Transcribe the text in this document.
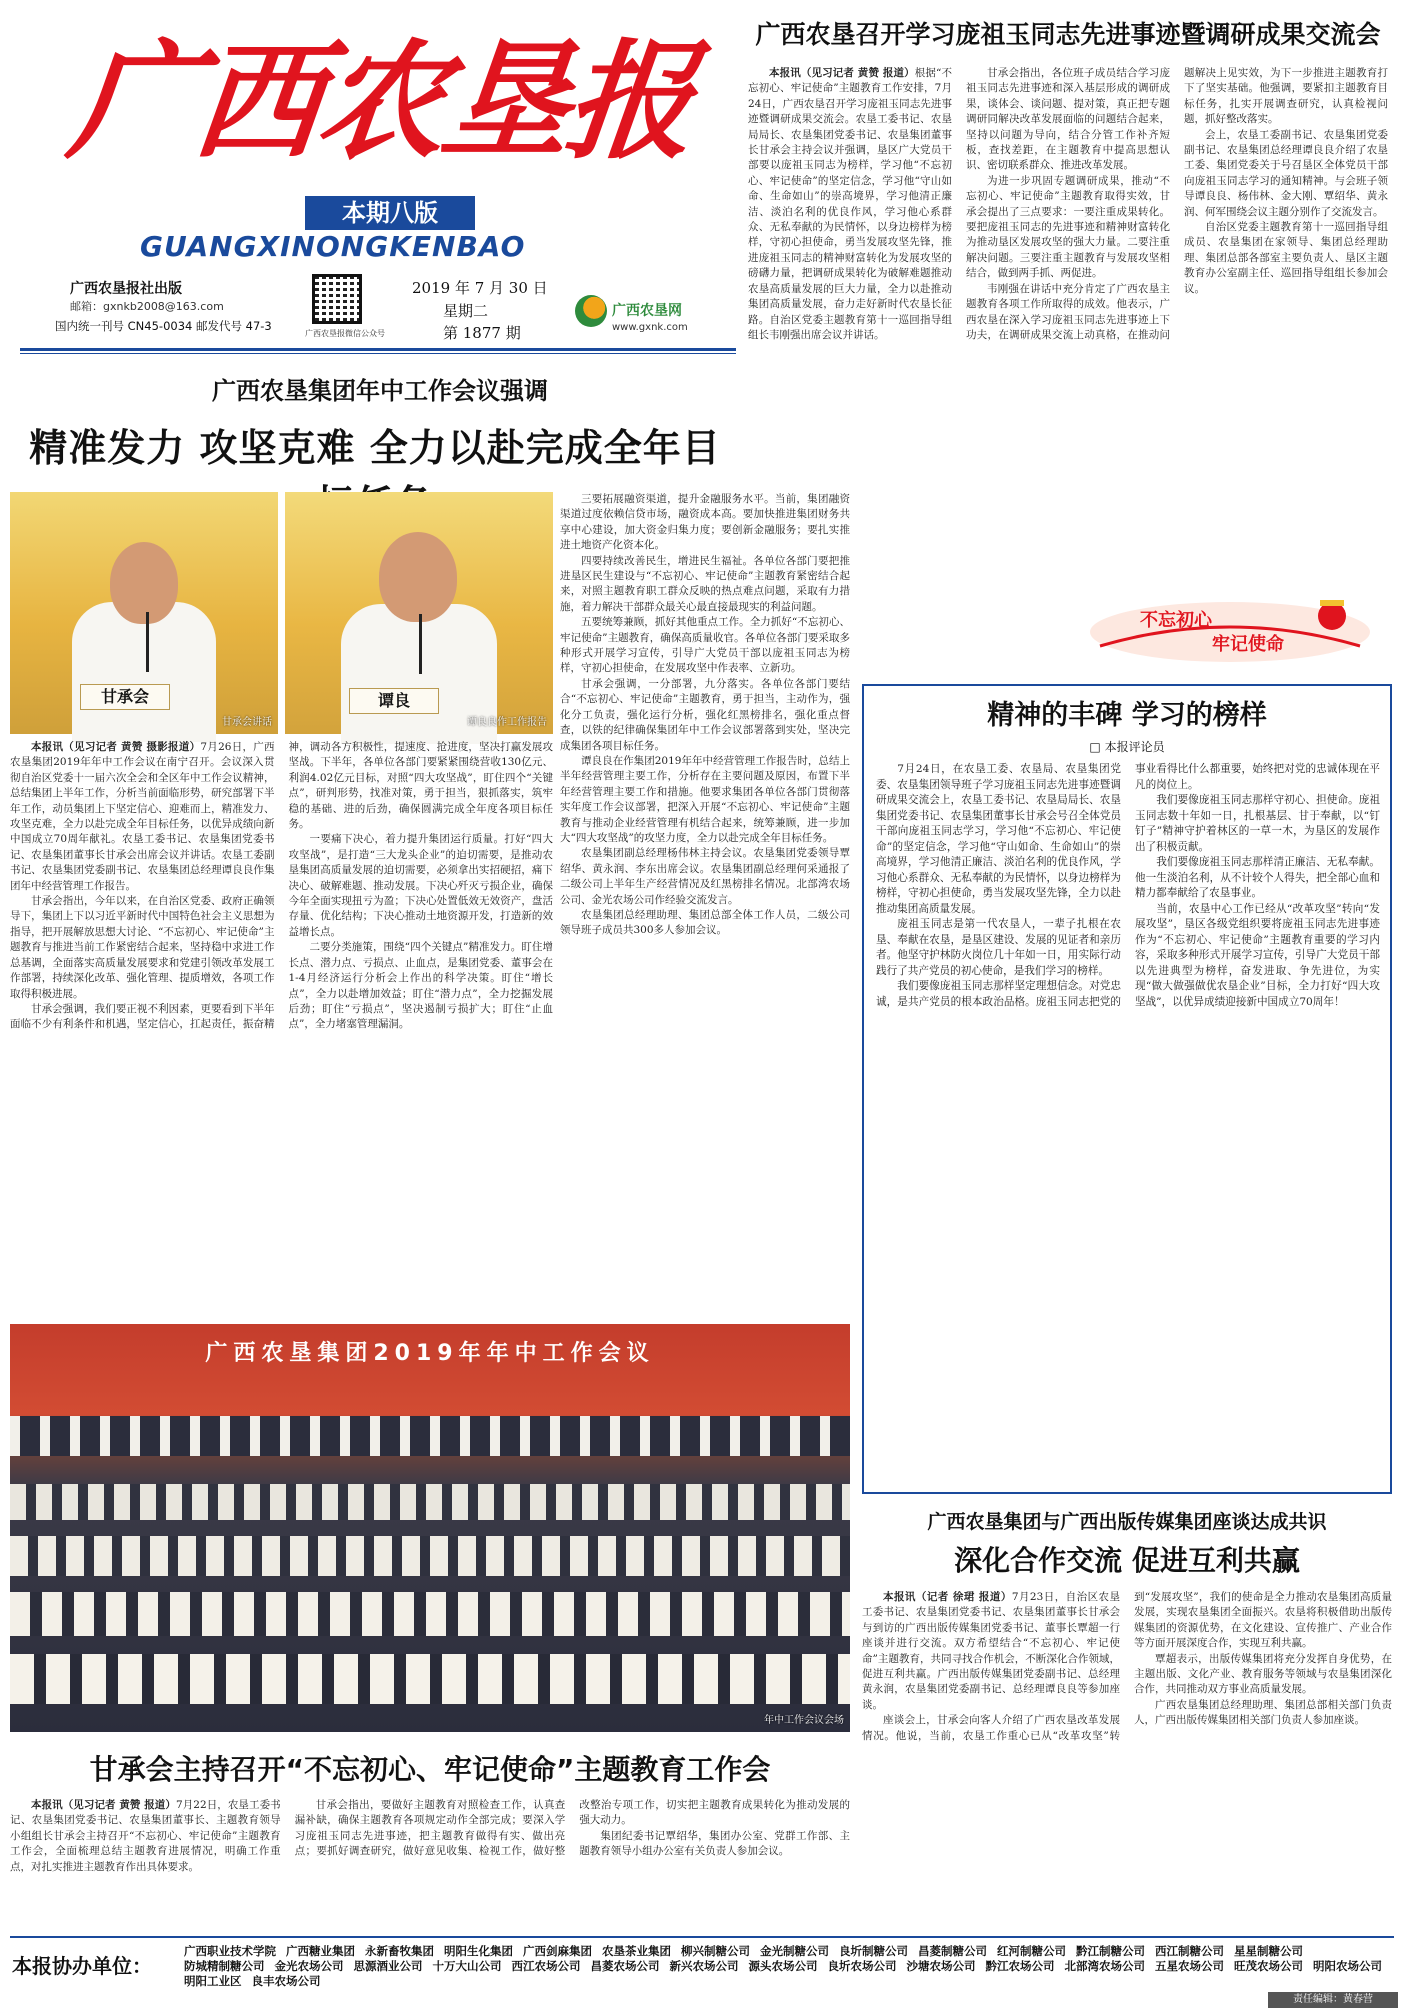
广西农垦报
本期八版
GUANGXINONGKENBAO
广西农垦报社出版
邮箱：gxnkb2008@163.com
国内统一刊号 CN45-0034 邮发代号 47-3
广西农垦报微信公众号
2019 年 7 月 30 日
星期二
第 1877 期
广西农垦网
www.gxnk.com
广西农垦召开学习庞祖玉同志先进事迹暨调研成果交流会

本报讯（见习记者 黄赞 报道）根据“不忘初心、牢记使命”主题教育工作安排，7月24日，广西农垦召开学习庞祖玉同志先进事迹暨调研成果交流会。农垦工委书记、农垦局局长、农垦集团党委书记、农垦集团董事长甘承会主持会议并强调，垦区广大党员干部要以庞祖玉同志为榜样，学习他“不忘初心、牢记使命”的坚定信念，学习他“守山如命、生命如山”的崇高境界，学习他清正廉洁、淡泊名利的优良作风，学习他心系群众、无私奉献的为民情怀，以身边榜样为榜样，守初心担使命，勇当发展攻坚先锋，推进庞祖玉同志的精神财富转化为发展攻坚的磅礴力量，把调研成果转化为破解难题推动农垦高质量发展的巨大力量，全力以赴推动集团高质量发展，奋力走好新时代农垦长征路。自治区党委主题教育第十一巡回指导组组长韦刚强出席会议并讲话。

甘承会指出，各位班子成员结合学习庞祖玉同志先进事迹和深入基层形成的调研成果，谈体会、谈问题、提对策，真正把专题调研同解决改革发展面临的问题结合起来，坚持以问题为导向，结合分管工作补齐短板，查找差距，在主题教育中提高思想认识、密切联系群众、推进改革发展。

为进一步巩固专题调研成果，推动“不忘初心、牢记使命”主题教育取得实效，甘承会提出了三点要求：一要注重成果转化。要把庞祖玉同志的先进事迹和精神财富转化为推动垦区发展攻坚的强大力量。二要注重解决问题。三要注重主题教育与发展攻坚相结合，做到两手抓、两促进。

韦刚强在讲话中充分肯定了广西农垦主题教育各项工作所取得的成效。他表示，广西农垦在深入学习庞祖玉同志先进事迹上下功夫，在调研成果交流上动真格，在推动问题解决上见实效，为下一步推进主题教育打下了坚实基础。他强调，要紧扣主题教育目标任务，扎实开展调查研究，认真检视问题，抓好整改落实。

会上，农垦工委副书记、农垦集团党委副书记、农垦集团总经理谭良良介绍了农垦工委、集团党委关于号召垦区全体党员干部向庞祖玉同志学习的通知精神。与会班子领导谭良良、杨伟林、金大刚、覃绍华、黄永润、何军围绕会议主题分别作了交流发言。

自治区党委主题教育第十一巡回指导组成员、农垦集团在家领导、集团总经理助理、集团总部各部室主要负责人、垦区主题教育办公室副主任、巡回指导组组长参加会议。

不忘初心
牢记使命
广西农垦集团年中工作会议强调
精准发力 攻坚克难 全力以赴完成全年目
甘承会
甘承会讲话
谭良
谭良良作工作报告

本报讯（见习记者 黄赞 摄影报道）7月26日，广西农垦集团2019年年中工作会议在南宁召开。会议深入贯彻自治区党委十一届六次全会和全区年中工作会议精神，总结集团上半年工作，分析当前面临形势，研究部署下半年工作，动员集团上下坚定信心、迎难而上，精准发力、攻坚克难，全力以赴完成全年目标任务，以优异成绩向新中国成立70周年献礼。农垦工委书记、农垦集团党委书记、农垦集团董事长甘承会出席会议并讲话。农垦工委副书记、农垦集团党委副书记、农垦集团总经理谭良良作集团年中经营管理工作报告。

甘承会指出，今年以来，在自治区党委、政府正确领导下，集团上下以习近平新时代中国特色社会主义思想为指导，把开展解放思想大讨论、“不忘初心、牢记使命”主题教育与推进当前工作紧密结合起来，坚持稳中求进工作总基调，全面落实高质量发展要求和党建引领改革发展工作部署，持续深化改革、强化管理、提质增效，各项工作取得积极进展。

甘承会强调，我们要正视不利因素，更要看到下半年面临不少有利条件和机遇，坚定信心，扛起责任，振奋精神，调动各方积极性，提速度、抢进度，坚决打赢发展攻坚战。下半年，各单位各部门要紧紧围绕营收130亿元、利润4.02亿元目标，对照“四大攻坚战”，盯住四个“关键点”，研判形势，找准对策，勇于担当，狠抓落实，筑牢稳的基础、进的后劲，确保圆满完成全年度各项目标任务。

一要痛下决心，着力提升集团运行质量。打好“四大攻坚战”，是打造“三大龙头企业”的迫切需要，是推动农垦集团高质量发展的迫切需要，必须拿出实招硬招，痛下决心、破解难题、推动发展。下决心歼灭亏损企业，确保今年全面实现扭亏为盈；下决心处置低效无效资产，盘活存量、优化结构；下决心推动土地资源开发，打造新的效益增长点。

二要分类施策，围绕“四个关键点”精准发力。盯住增长点、潜力点、亏损点、止血点，是集团党委、董事会在1-4月经济运行分析会上作出的科学决策。盯住“增长点”，全力以赴增加效益；盯住“潜力点”，全力挖掘发展后劲；盯住“亏损点”，坚决遏制亏损扩大；盯住“止血点”，全力堵塞管理漏洞。

三要拓展融资渠道，提升金融服务水平。当前，集团融资渠道过度依赖信贷市场，融资成本高。要加快推进集团财务共享中心建设，加大资金归集力度；要创新金融服务；要扎实推进土地资产化资本化。

四要持续改善民生，增进民生福祉。各单位各部门要把推进垦区民生建设与“不忘初心、牢记使命”主题教育紧密结合起来，对照主题教育职工群众反映的热点难点问题，采取有力措施，着力解决干部群众最关心最直接最现实的利益问题。

五要统筹兼顾，抓好其他重点工作。全力抓好“不忘初心、牢记使命”主题教育，确保高质量收官。各单位各部门要采取多种形式开展学习宣传，引导广大党员干部以庞祖玉同志为榜样，守初心担使命，在发展攻坚中作表率、立新功。

甘承会强调，一分部署，九分落实。各单位各部门要结合“不忘初心、牢记使命”主题教育，勇于担当，主动作为，强化分工负责，强化运行分析，强化红黑榜排名，强化重点督查，以铁的纪律确保集团年中工作会议部署落到实处，坚决完成集团各项目标任务。

谭良良在作集团2019年年中经营管理工作报告时，总结上半年经营管理主要工作，分析存在主要问题及原因，布置下半年经营管理主要工作和措施。他要求集团各单位各部门贯彻落实年度工作会议部署，把深入开展“不忘初心、牢记使命”主题教育与推动企业经营管理有机结合起来，统筹兼顾，进一步加大“四大攻坚战”的攻坚力度，全力以赴完成全年目标任务。

农垦集团副总经理杨伟林主持会议。农垦集团党委领导覃绍华、黄永润、李东出席会议。农垦集团副总经理何采通报了二级公司上半年生产经营情况及红黑榜排名情况。北部湾农场公司、金光农场公司作经验交流发言。

农垦集团总经理助理、集团总部全体工作人员，二级公司领导班子成员共300多人参加会议。

广西农垦集团2019年年中工作会议
年中工作会议会场
甘承会主持召开“不忘初心、牢记使命”主题教育工作会

本报讯（见习记者 黄赞 报道）7月22日，农垦工委书记、农垦集团党委书记、农垦集团董事长、主题教育领导小组组长甘承会主持召开“不忘初心、牢记使命”主题教育工作会，全面梳理总结主题教育进展情况，明确工作重点，对扎实推进主题教育作出具体要求。

甘承会指出，要做好主题教育对照检查工作，认真查漏补缺，确保主题教育各项规定动作全部完成；要深入学习庞祖玉同志先进事迹，把主题教育做得有实、做出亮点；要抓好调查研究，做好意见收集、检视工作，做好整改整治专项工作，切实把主题教育成果转化为推动发展的强大动力。

集团纪委书记覃绍华，集团办公室、党群工作部、主题教育领导小组办公室有关负责人参加会议。

精神的丰碑 学习的榜样
□ 本报评论员

7月24日，在农垦工委、农垦局、农垦集团党委、农垦集团领导班子学习庞祖玉同志先进事迹暨调研成果交流会上，农垦工委书记、农垦局局长、农垦集团党委书记、农垦集团董事长甘承会号召全体党员干部向庞祖玉同志学习，学习他“不忘初心、牢记使命”的坚定信念，学习他“守山如命、生命如山”的崇高境界，学习他清正廉洁、淡泊名利的优良作风，学习他心系群众、无私奉献的为民情怀，以身边榜样为榜样，守初心担使命，勇当发展攻坚先锋，全力以赴推动集团高质量发展。

庞祖玉同志是第一代农垦人，一辈子扎根在农垦、奉献在农垦，是垦区建设、发展的见证者和亲历者。他坚守护林防火岗位几十年如一日，用实际行动践行了共产党员的初心使命，是我们学习的榜样。

我们要像庞祖玉同志那样坚定理想信念。对党忠诚，是共产党员的根本政治品格。庞祖玉同志把党的事业看得比什么都重要，始终把对党的忠诚体现在平凡的岗位上。

我们要像庞祖玉同志那样守初心、担使命。庞祖玉同志数十年如一日，扎根基层、甘于奉献，以“钉钉子”精神守护着林区的一草一木，为垦区的发展作出了积极贡献。

我们要像庞祖玉同志那样清正廉洁、无私奉献。他一生淡泊名利，从不计较个人得失，把全部心血和精力都奉献给了农垦事业。

当前，农垦中心工作已经从“改革攻坚”转向“发展攻坚”，垦区各级党组织要将庞祖玉同志先进事迹作为“不忘初心、牢记使命”主题教育重要的学习内容，采取多种形式开展学习宣传，引导广大党员干部以先进典型为榜样，奋发进取、争先进位，为实现“做大做强做优农垦企业”目标，全力打好“四大攻坚战”，以优异成绩迎接新中国成立70周年！

广西农垦集团与广西出版传媒集团座谈达成共识
深化合作交流 促进互利共赢

本报讯（记者 徐珺 报道）7月23日，自治区农垦工委书记、农垦集团党委书记、农垦集团董事长甘承会与到访的广西出版传媒集团党委书记、董事长覃超一行座谈并进行交流。双方希望结合“不忘初心、牢记使命”主题教育，共同寻找合作机会，不断深化合作领域，促进互利共赢。广西出版传媒集团党委副书记、总经理黄永润，农垦集团党委副书记、总经理谭良良等参加座谈。

座谈会上，甘承会向客人介绍了广西农垦改革发展情况。他说，当前，农垦工作重心已从“改革攻坚”转到“发展攻坚”，我们的使命是全力推动农垦集团高质量发展，实现农垦集团全面振兴。农垦将积极借助出版传媒集团的资源优势，在文化建设、宣传推广、产业合作等方面开展深度合作，实现互利共赢。

覃超表示，出版传媒集团将充分发挥自身优势，在主题出版、文化产业、教育服务等领域与农垦集团深化合作，共同推动双方事业高质量发展。

广西农垦集团总经理助理、集团总部相关部门负责人，广西出版传媒集团相关部门负责人参加座谈。

本报协办单位：
广西职业技术学院 广西糖业集团 永新畜牧集团 明阳生化集团 广西剑麻集团 农垦茶业集团 柳兴制糖公司 金光制糖公司 良圻制糖公司 昌菱制糖公司 红河制糖公司 黔江制糖公司 西江制糖公司 星星制糖公司防城精制糖公司 金光农场公司 思源酒业公司 十万大山公司 西江农场公司 昌菱农场公司 新兴农场公司 源头农场公司 良圻农场公司 沙塘农场公司 黔江农场公司 北部湾农场公司 五星农场公司 旺茂农场公司 明阳农场公司明阳工业区 良丰农场公司
责任编辑：黄春营
